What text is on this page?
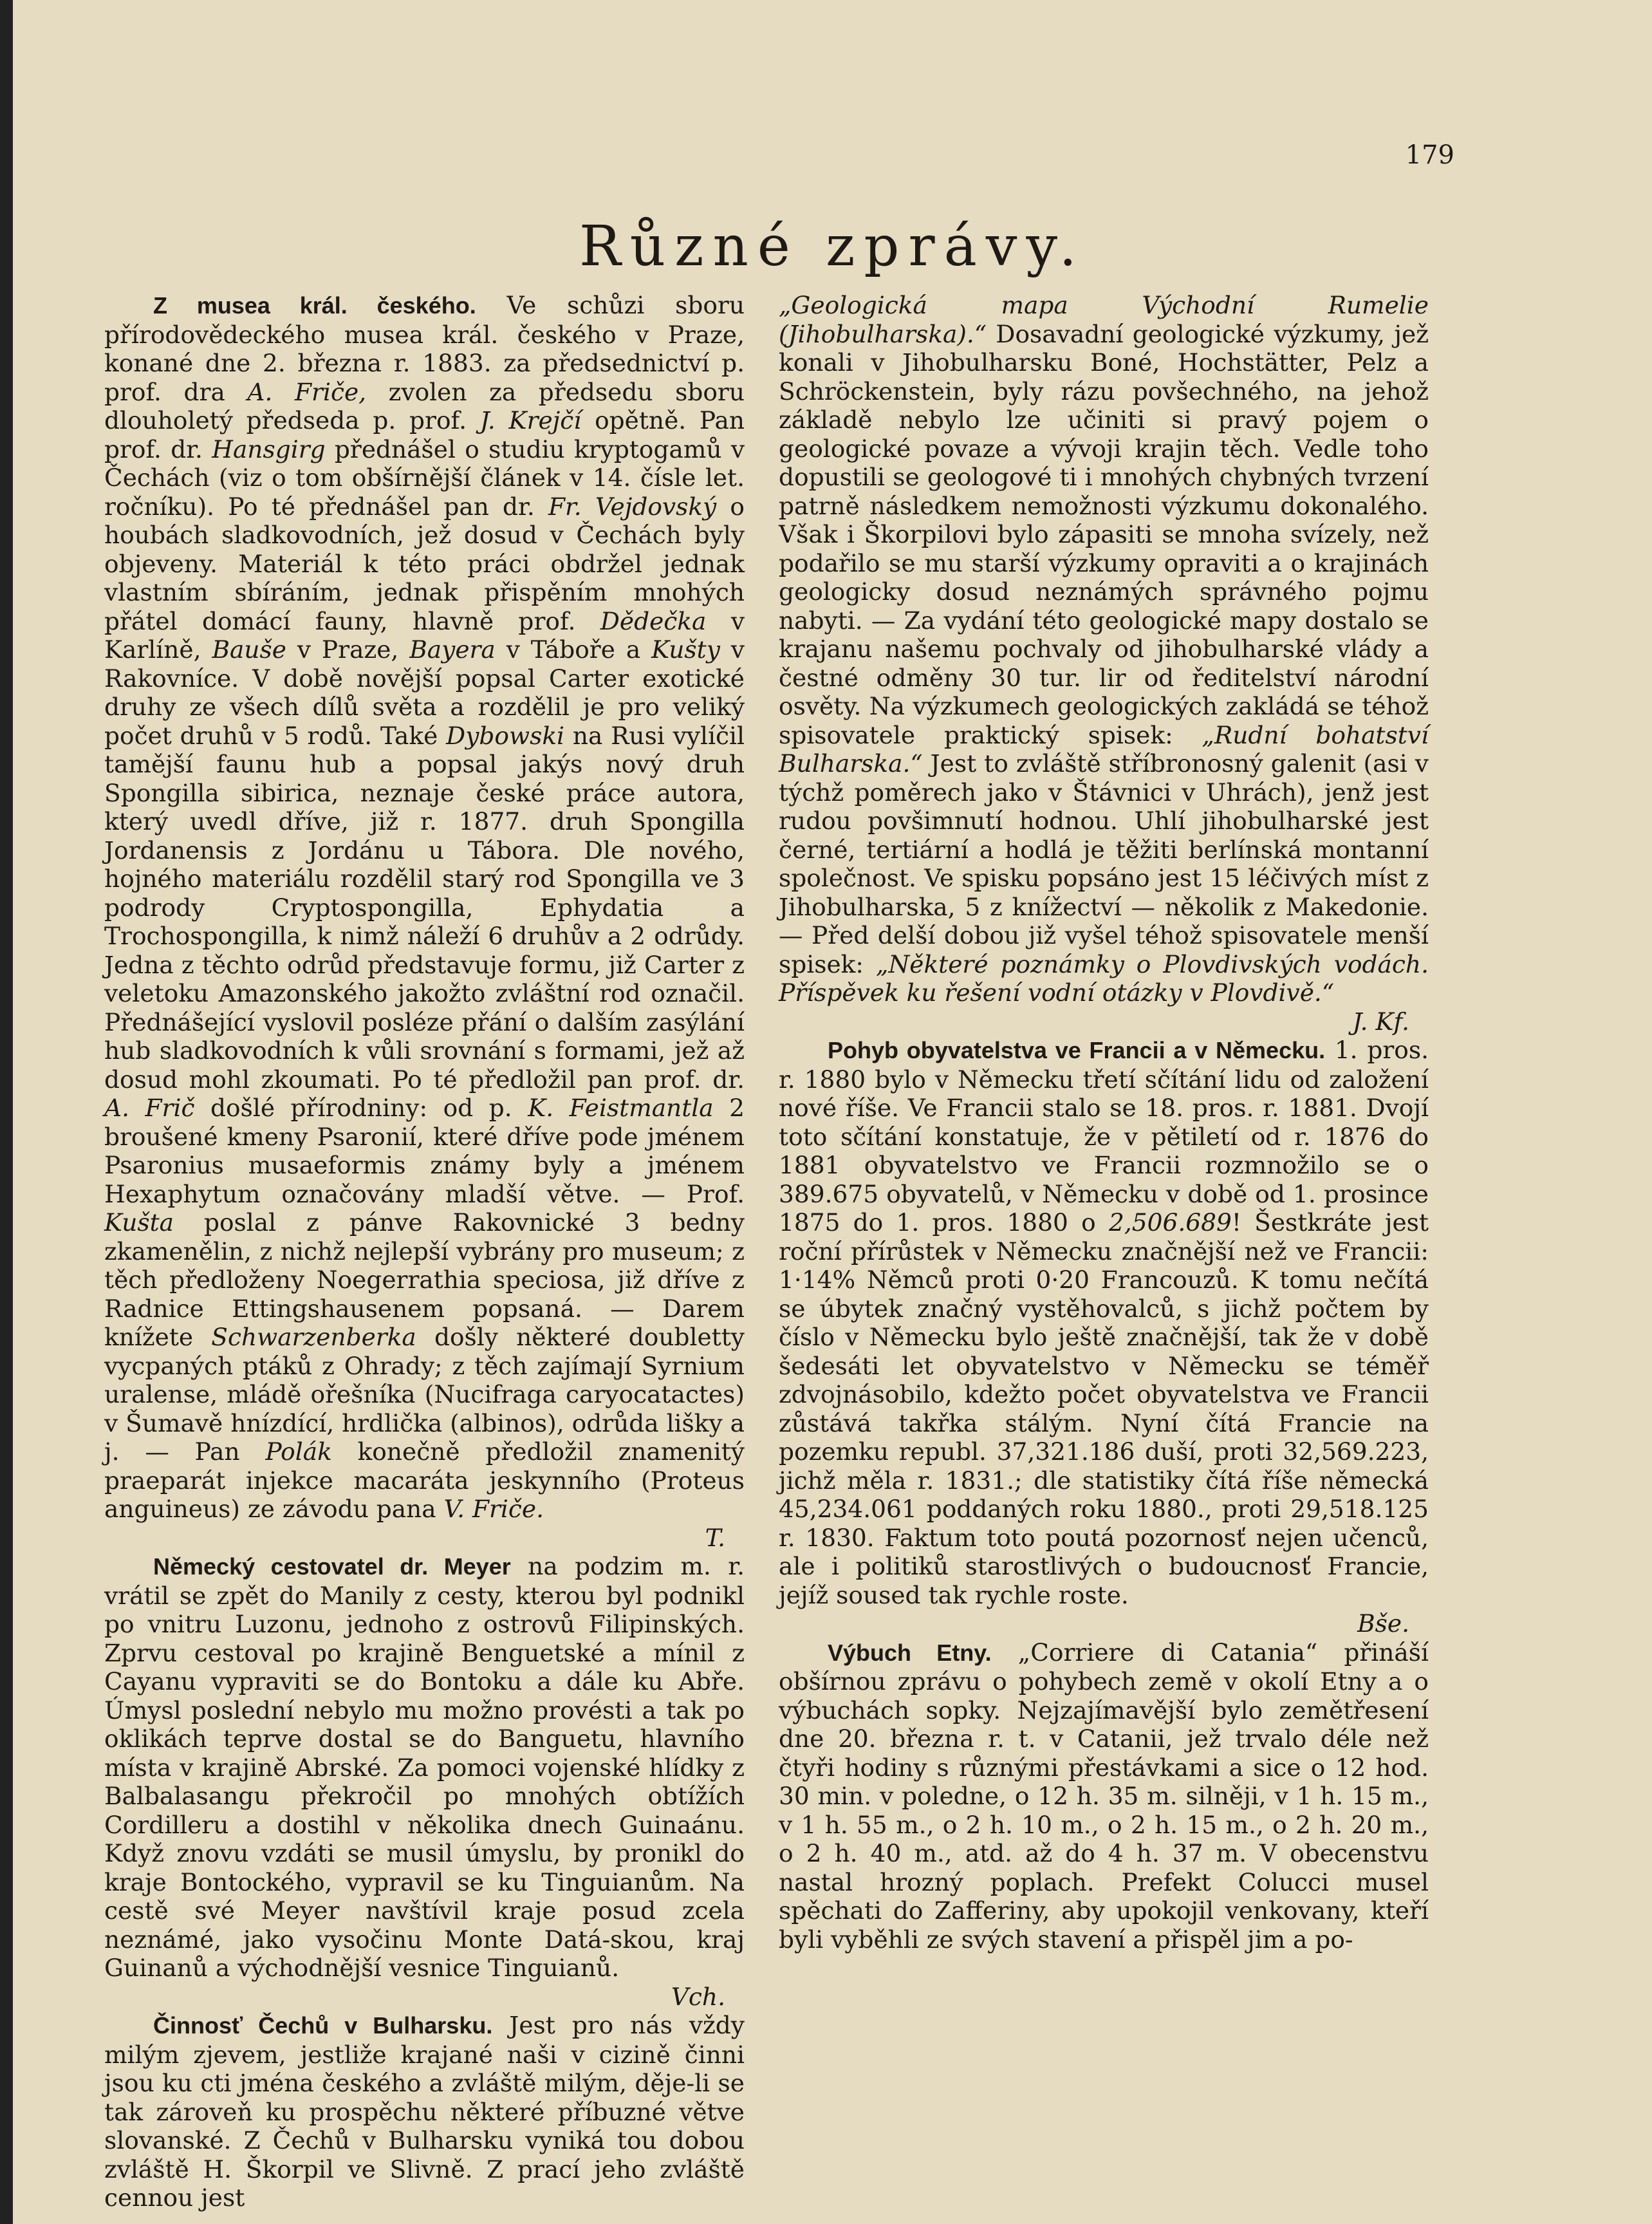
179
Různé zprávy.

Z musea král. českého. Ve schůzi sboru přírodovědeckého musea král. českého v Praze, konané dne 2. března r. 1883. za předsednictví p. prof. dra A. Friče, zvolen za předsedu sboru dlouholetý předseda p. prof. J. Krejčí opětně. Pan prof. dr. Hansgirg přednášel o studiu kryptogamů v Čechách (viz o tom obšírnější článek v 14. čísle let. ročníku). Po té přednášel pan dr. Fr. Vejdovský o houbách sladkovodních, jež dosud v Čechách byly objeveny. Materiál k této práci obdržel jednak vlastním sbíráním, jednak přispěním mnohých přátel domácí fauny, hlavně prof. Dědečka v Karlíně, Bauše v Praze, Bayera v Táboře a Kušty v Rakovníce. V době novější popsal Carter exotické druhy ze všech dílů světa a rozdělil je pro veliký počet druhů v 5 rodů. Také Dybowski na Rusi vylíčil tamější faunu hub a popsal jakýs nový druh Spongilla sibirica, neznaje české práce autora, který uvedl dříve, již r. 1877. druh Spongilla Jordanensis z Jordánu u Tábora. Dle nového, hojného materiálu rozdělil starý rod Spongilla ve 3 podrody Cryptospongilla, Ephydatia a Trochospongilla, k nimž náleží 6 druhův a 2 odrůdy. Jedna z těchto odrůd představuje formu, již Carter z veletoku Amazonského jakožto zvláštní rod označil. Přednášející vyslovil posléze přání o dalším zasýlání hub sladkovodních k vůli srovnání s formami, jež až dosud mohl zkoumati. Po té předložil pan prof. dr. A. Frič došlé přírodniny: od p. K. Feistmantla 2 broušené kmeny Psaronií, které dříve pode jménem Psaronius musaeformis známy byly a jménem Hexaphytum označovány mladší větve. — Prof. Kušta poslal z pánve Rakovnické 3 bedny zkamenělin, z nichž nejlepší vybrány pro museum; z těch předloženy Noegerrathia speciosa, již dříve z Radnice Ettingshausenem popsaná. — Darem knížete Schwarzenberka došly některé doubletty vycpaných ptáků z Ohrady; z těch zajímají Syrnium uralense, mládě ořešníka (Nucifraga caryocatactes) v Šumavě hnízdící, hrdlička (albinos), odrůda lišky a j. — Pan Polák konečně předložil znamenitý praeparát injekce macaráta jeskynního (Proteus anguineus) ze závodu pana V. Friče.
T.

Německý cestovatel dr. Meyer na podzim m. r. vrátil se zpět do Manily z cesty, kterou byl podnikl po vnitru Luzonu, jednoho z ostrovů Filipinských. Zprvu cestoval po krajině Benguetské a mínil z Cayanu vypraviti se do Bontoku a dále ku Abře. Úmysl poslední nebylo mu možno provésti a tak po oklikách teprve dostal se do Banguetu, hlavního místa v krajině Abrské. Za pomoci vojenské hlídky z Balbalasangu překročil po mnohých obtížích Cordilleru a dostihl v několika dnech Guinaánu. Když znovu vzdáti se musil úmyslu, by pronikl do kraje Bontockého, vypravil se ku Tinguianům. Na cestě své Meyer navštívil kraje posud zcela neznámé, jako vysočinu Monte Datá-skou, kraj Guinanů a východnější vesnice Tinguianů.
Vch.

Činnosť Čechů v Bulharsku. Jest pro nás vždy milým zjevem, jestliže krajané naši v cizině činni jsou ku cti jména českého a zvláště milým, děje-li se tak zároveň ku prospěchu některé příbuzné větve slovanské. Z Čechů v Bulharsku vyniká tou dobou zvláště H. Škorpil ve Slivně. Z prací jeho zvláště cennou jest

„Geologická mapa Východní Rumelie (Jihobulharska).“ Dosavadní geologické výzkumy, jež konali v Jihobulharsku Boné, Hochstätter, Pelz a Schröckenstein, byly rázu povšechného, na jehož základě nebylo lze učiniti si pravý pojem o geologické povaze a vývoji krajin těch. Vedle toho dopustili se geologové ti i mnohých chybných tvrzení patrně následkem nemožnosti výzkumu dokonalého. Však i Škorpilovi bylo zápasiti se mnoha svízely, než podařilo se mu starší výzkumy opraviti a o krajinách geologicky dosud neznámých správného pojmu nabyti. — Za vydání této geologické mapy dostalo se krajanu našemu pochvaly od jihobulharské vlády a čestné odměny 30 tur. lir od ředitelství národní osvěty. Na výzkumech geologických zakládá se téhož spisovatele praktický spisek: „Rudní bohatství Bulharska.“ Jest to zvláště stříbronosný galenit (asi v týchž poměrech jako v Štávnici v Uhrách), jenž jest rudou povšimnutí hodnou. Uhlí jihobulharské jest černé, tertiární a hodlá je těžiti berlínská montanní společnost. Ve spisku popsáno jest 15 léčivých míst z Jihobulharska, 5 z knížectví — několik z Makedonie. — Před delší dobou již vyšel téhož spisovatele menší spisek: „Některé poznámky o Plovdivských vodách. Příspěvek ku řešení vodní otázky v Plovdivě.“
J. Kf.

Pohyb obyvatelstva ve Francii a v Německu. 1. pros. r. 1880 bylo v Německu třetí sčítání lidu od založení nové říše. Ve Francii stalo se 18. pros. r. 1881. Dvojí toto sčítání konstatuje, že v pětiletí od r. 1876 do 1881 obyvatelstvo ve Francii rozmnožilo se o 389.675 obyvatelů, v Německu v době od 1. prosince 1875 do 1. pros. 1880 o 2,506.689! Šestkráte jest roční přírůstek v Německu značnější než ve Francii: 1·14% Němců proti 0·20 Francouzů. K tomu nečítá se úbytek značný vystěhovalců, s jichž počtem by číslo v Německu bylo ještě značnější, tak že v době šedesáti let obyvatelstvo v Německu se téměř zdvojnásobilo, kdežto počet obyvatelstva ve Francii zůstává takřka stálým. Nyní čítá Francie na pozemku republ. 37,321.186 duší, proti 32,569.223, jichž měla r. 1831.; dle statistiky čítá říše německá 45,234.061 poddaných roku 1880., proti 29,518.125 r. 1830. Faktum toto poutá pozornosť nejen učenců, ale i politiků starostlivých o budoucnosť Francie, jejíž soused tak rychle roste.
Bše.

Výbuch Etny. „Corriere di Catania“ přináší obšírnou zprávu o pohybech země v okolí Etny a o výbuchách sopky. Nejzajímavější bylo zemětřesení dne 20. března r. t. v Catanii, jež trvalo déle než čtyři hodiny s různými přestávkami a sice o 12 hod. 30 min. v poledne, o 12 h. 35 m. silněji, v 1 h. 15 m., v 1 h. 55 m., o 2 h. 10 m., o 2 h. 15 m., o 2 h. 20 m., o 2 h. 40 m., atd. až do 4 h. 37 m. V obecenstvu nastal hrozný poplach. Prefekt Colucci musel spěchati do Zafferiny, aby upokojil venkovany, kteří byli vyběhli ze svých stavení a přispěl jim a po-
